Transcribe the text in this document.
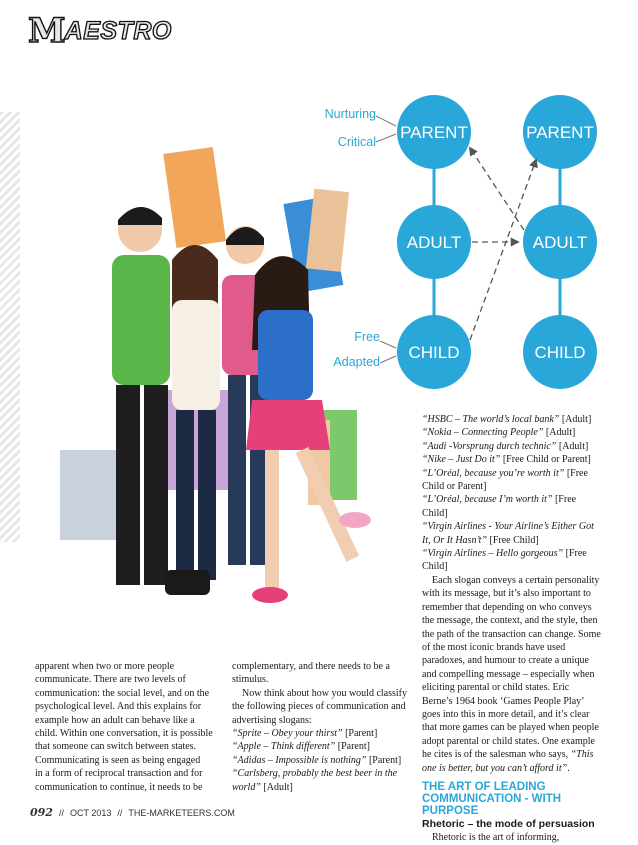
M AESTRO
PARENT	PARENT
ADULT	ADULT
CHILD	CHILD
Nurturing
Critical
Free
Adapted

apparent when two or more people

communicate. There are two levels of

communication: the social level, and on the

psychological level. And this explains for

example how an adult can behave like a

child. Within one conversation, it is possible

that someone can switch between states.

Communicating is seen as being engaged

in a form of reciprocal transaction and for

communication to continue, it needs to be

complementary, and there needs to be a

stimulus.

Now think about how you would classify the following pieces of communication and advertising slogans:

“Sprite – Obey your thirst” [Parent]

“Apple – Think different” [Parent]

“Adidas – Impossible is nothing” [Parent]

“Carlsberg, probably the best beer in the world” [Adult]

“HSBC – The world’s local bank” [Adult]

“Nokia – Connecting People” [Adult]

“Audi -Vorsprung durch technic” [Adult]

“Nike – Just Do it” [Free Child or Parent]

“L’Oréal, because you’re worth it” [Free Child or Parent]

“L’Oréal, because I’m worth it” [Free Child]

“Virgin Airlines - Your Airline’s Either Got It, Or It Hasn’t” [Free Child]

“Virgin Airlines – Hello gorgeous” [Free Child]

Each slogan conveys a certain personality with its message, but it’s also important to remember that depending on who conveys the message, the context, and the style, then the path of the transaction can change. Some of the most iconic brands have used paradoxes, and humour to create a unique and compelling message – especially when eliciting parental or child states. Eric Berne’s 1964 book ‘Games People Play’ goes into this in more detail, and it’s clear that more games can be played when people adopt parental or child states. One example he cites is of the salesman who says, “This one is better, but you can’t afford it”.

THE ART OF LEADING COMMUNICATION - WITH PURPOSE
Rhetoric – the mode of persuasion

Rhetoric is the art of informing,

092 // OCT 2013 // THE-MARKETEERS.COM
